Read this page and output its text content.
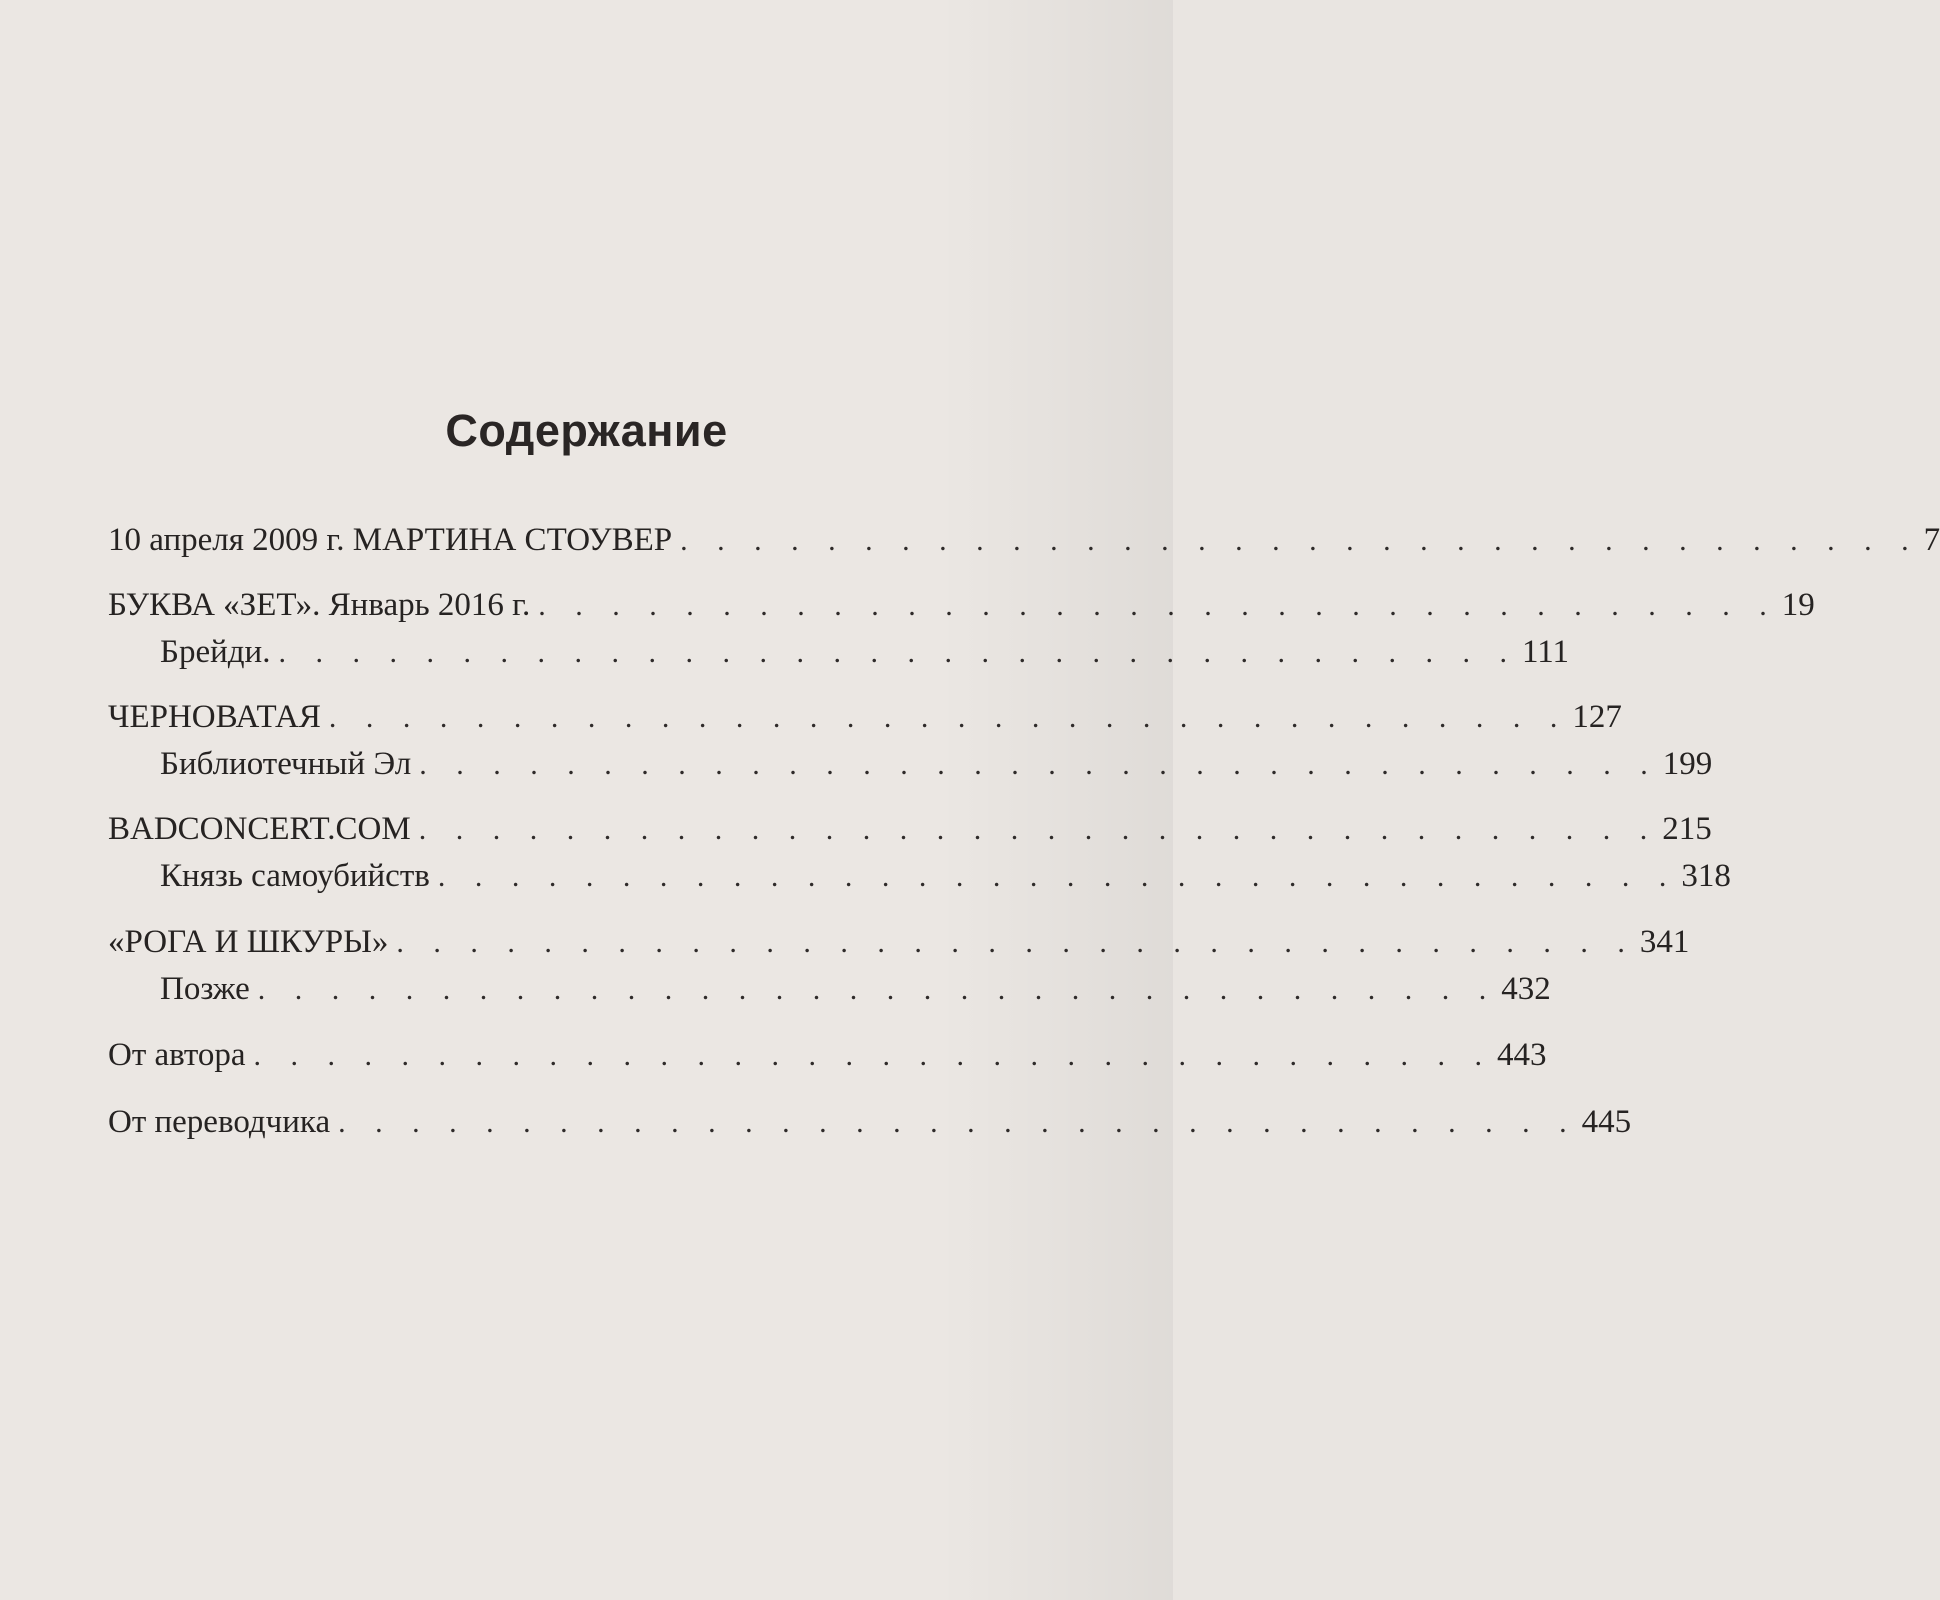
Содержание
10 апреля 2009 г. МАРТИНА СТОУВЕР . . . . . . . . . . . . . . . . . . . . . . . . . . . . . . . . . . 7
БУКВА «ЗЕТ». Январь 2016 г. . . . . . . . . . . . . . . . . . . . . . . . . . . . . . . . . . . 19
Брейди. . . . . . . . . . . . . . . . . . . . . . . . . . . . . . . . . . . 111
ЧЕРНОВАТАЯ . . . . . . . . . . . . . . . . . . . . . . . . . . . . . . . . . . 127
Библиотечный Эл . . . . . . . . . . . . . . . . . . . . . . . . . . . . . . . . . . 199
BADCONCERT.COM . . . . . . . . . . . . . . . . . . . . . . . . . . . . . . . . . . 215
Князь самоубийств . . . . . . . . . . . . . . . . . . . . . . . . . . . . . . . . . . 318
«РОГА И ШКУРЫ» . . . . . . . . . . . . . . . . . . . . . . . . . . . . . . . . . . 341
Позже . . . . . . . . . . . . . . . . . . . . . . . . . . . . . . . . . . 432
От автора . . . . . . . . . . . . . . . . . . . . . . . . . . . . . . . . . . 443
От переводчика . . . . . . . . . . . . . . . . . . . . . . . . . . . . . . . . . . 445
